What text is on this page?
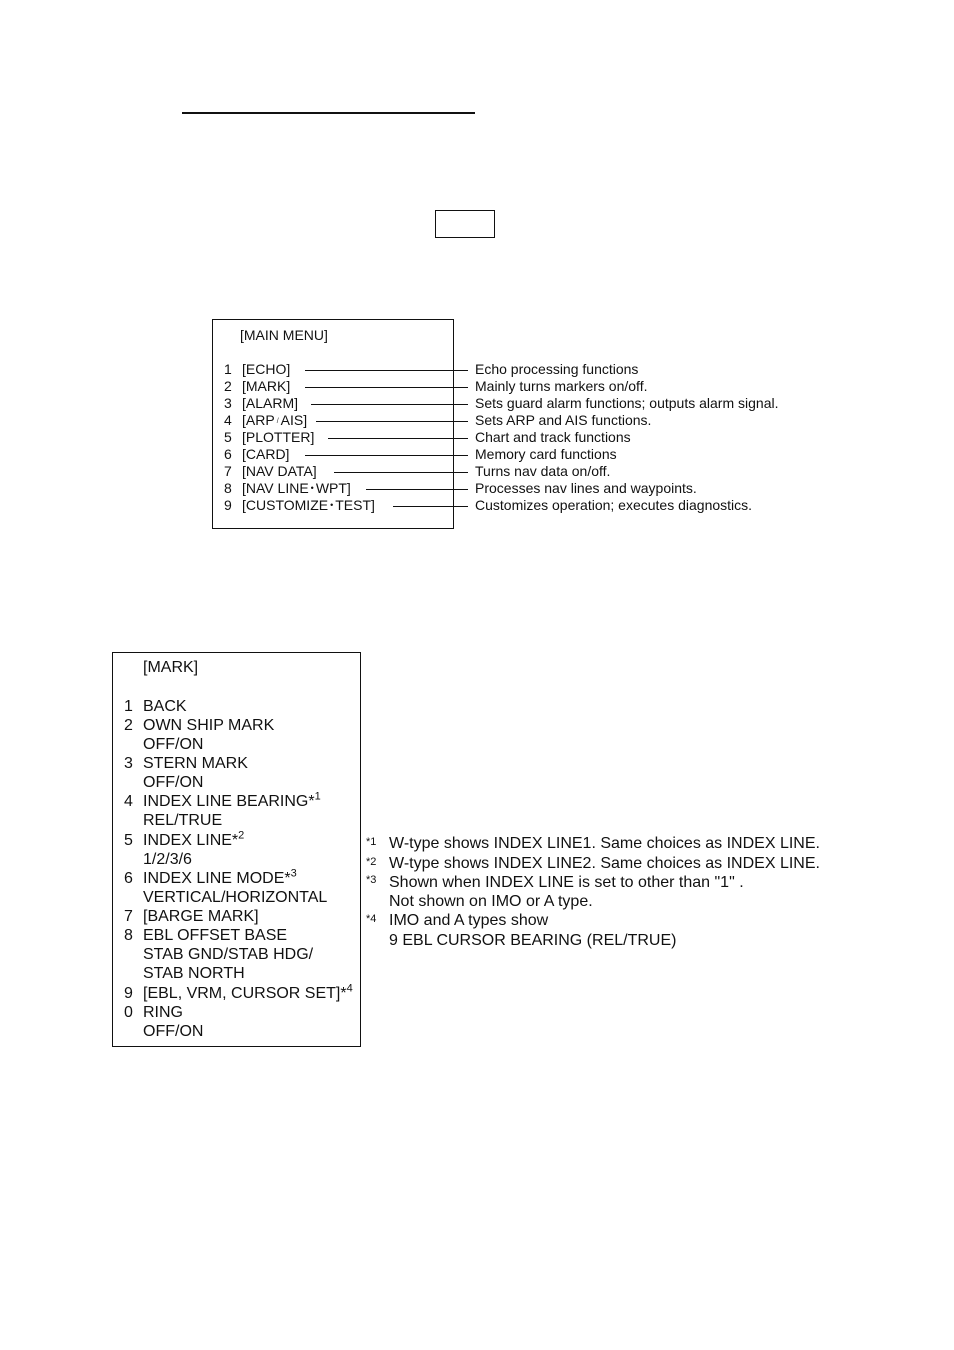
[MAIN MENU]
1 [ECHO]
2 [MARK]
3 [ALARM]
4 [ARP / AIS]
5 [PLOTTER]
6 [CARD]
7 [NAV DATA]
8 [NAV LINE • WPT]
9 [CUSTOMIZE • TEST]
Echo processing functions
Mainly turns markers on/off.
Sets guard alarm functions; outputs alarm signal.
Sets ARP and AIS functions.
Chart and track functions
Memory card functions
Turns nav data on/off.
Processes nav lines and waypoints.
Customizes operation; executes diagnostics.
[MARK]
1 BACK
2 OWN SHIP MARK
OFF/ON
3 STERN MARK
OFF/ON
4 INDEX LINE BEARING*$^1$
REL/TRUE
5 INDEX LINE*$^2$
1/2/3/6
6 INDEX LINE MODE*$^3$
VERTICAL/HORIZONTAL
7 [BARGE MARK]
8 EBL OFFSET BASE
STAB GND/STAB HDG/
STAB NORTH
9 [EBL, VRM, CURSOR SET]*$^4$
0 RING
OFF/ON
*1 W-type shows INDEX LINE1. Same choices as INDEX LINE.
*2 W-type shows INDEX LINE2. Same choices as INDEX LINE.
*3 Shown when INDEX LINE is set to other than "1" .
Not shown on IMO or A type.
*4 IMO and A types show
9 EBL CURSOR BEARING (REL/TRUE)
